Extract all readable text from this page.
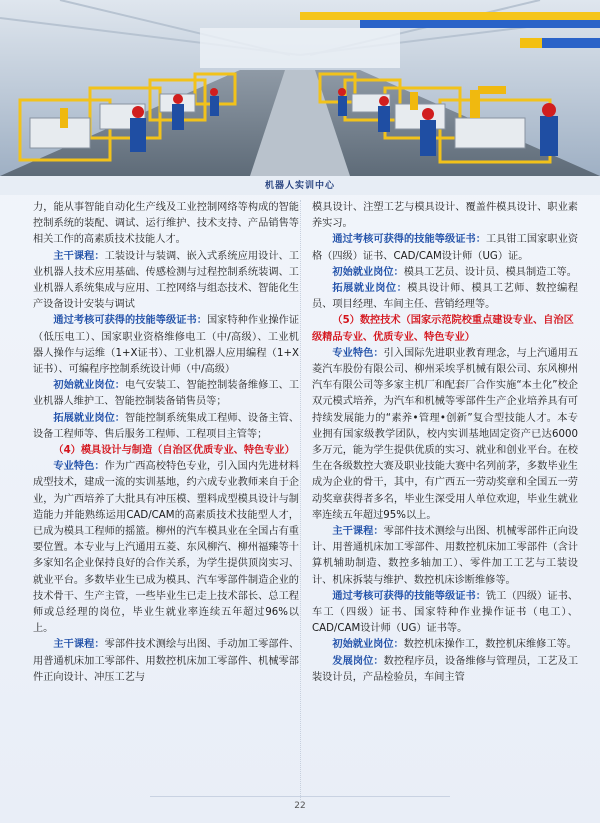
机器人实训中心

力，能从事智能自动化生产线及工业控制网络等构成的智能控制系统的装配、调试、运行维护、技术支持、产品销售等相关工作的高素质技术技能人才。

主干课程：工装设计与装调、嵌入式系统应用设计、工业机器人技术应用基础、传感检测与过程控制系统装调、工业机器人系统集成与应用、工控网络与组态技术、智能化生产设备设计安装与调试

通过考核可获得的技能等级证书：国家特种作业操作证（低压电工）、国家职业资格维修电工（中/高级）、工业机器人操作与运维（1+X证书）、工业机器人应用编程（1+X证书）、可编程序控制系统设计师（中/高级）

初始就业岗位：电气安装工、智能控制装备维修工、工业机器人维护工、智能控制装备销售员等；

拓展就业岗位：智能控制系统集成工程师、设备主管、设备工程师等、售后服务工程师、工程项目主管等；

（4）模具设计与制造（自治区优质专业、特色专业）

专业特色：作为广西高校特色专业，引入国内先进材料成型技术，建成一流的实训基地，约六成专业教师来自于企业，为广西培养了大批具有冲压模、塑料成型模具设计与制造能力并能熟练运用CAD/CAM的高素质技术技能型人才，已成为模具工程师的摇篮。柳州的汽车模具业在全国占有重要位置。本专业与上汽通用五菱、东风柳汽、柳州福臻等十多家知名企业保持良好的合作关系，为学生提供顶岗实习、就业平台。多数毕业生已成为模具、汽车零部件制造企业的技术骨干、生产主管，一些毕业生已走上技术部长、总工程师或总经理的岗位，毕业生就业率连续五年超过96%以上。

主干课程：零部件技术测绘与出图、手动加工零部件、用普通机床加工零部件、用数控机床加工零部件、机械零部件正向设计、冲压工艺与

模具设计、注塑工艺与模具设计、覆盖件模具设计、职业素养实习。

通过考核可获得的技能等级证书：工具钳工国家职业资格（四级）证书、CAD/CAM设计师（UG）证。

初始就业岗位：模具工艺员、设计员、模具制造工等。

拓展就业岗位：模具设计师、模具工艺师、数控编程员、项目经理、车间主任、营销经理等。

（5）数控技术（国家示范院校重点建设专业、自治区级精品专业、优质专业、特色专业）

专业特色：引入国际先进职业教育理念，与上汽通用五菱汽车股份有限公司、柳州采埃孚机械有限公司、东风柳州汽车有限公司等多家主机厂和配套厂合作实施“本土化”校企双元模式培养，为汽车和机械等零部件生产企业培养具有可持续发展能力的“素养•管理•创新”复合型技能人才。本专业拥有国家级教学团队，校内实训基地固定资产已达6000多万元，能为学生提供优质的实习、就业和创业平台。在校生在各级数控大赛及职业技能大赛中名列前茅，多数毕业生成为企业的骨干，其中，有广西五一劳动奖章和全国五一劳动奖章获得者多名，毕业生深受用人单位欢迎，毕业生就业率连续五年超过95%以上。

主干课程：零部件技术测绘与出图、机械零部件正向设计、用普通机床加工零部件、用数控机床加工零部件（含计算机辅助制造、数控多轴加工）、零件加工工艺与工装设计、机床拆装与维护、数控机床诊断维修等。

通过考核可获得的技能等级证书：铣工（四级）证书、车工（四级）证书、国家特种作业操作证书（电工）、CAD/CAM设计师（UG）证书等。

初始就业岗位：数控机床操作工，数控机床维修工等。

发展岗位：数控程序员，设备维修与管理员，工艺及工装设计员，产品检验员，车间主管

22
